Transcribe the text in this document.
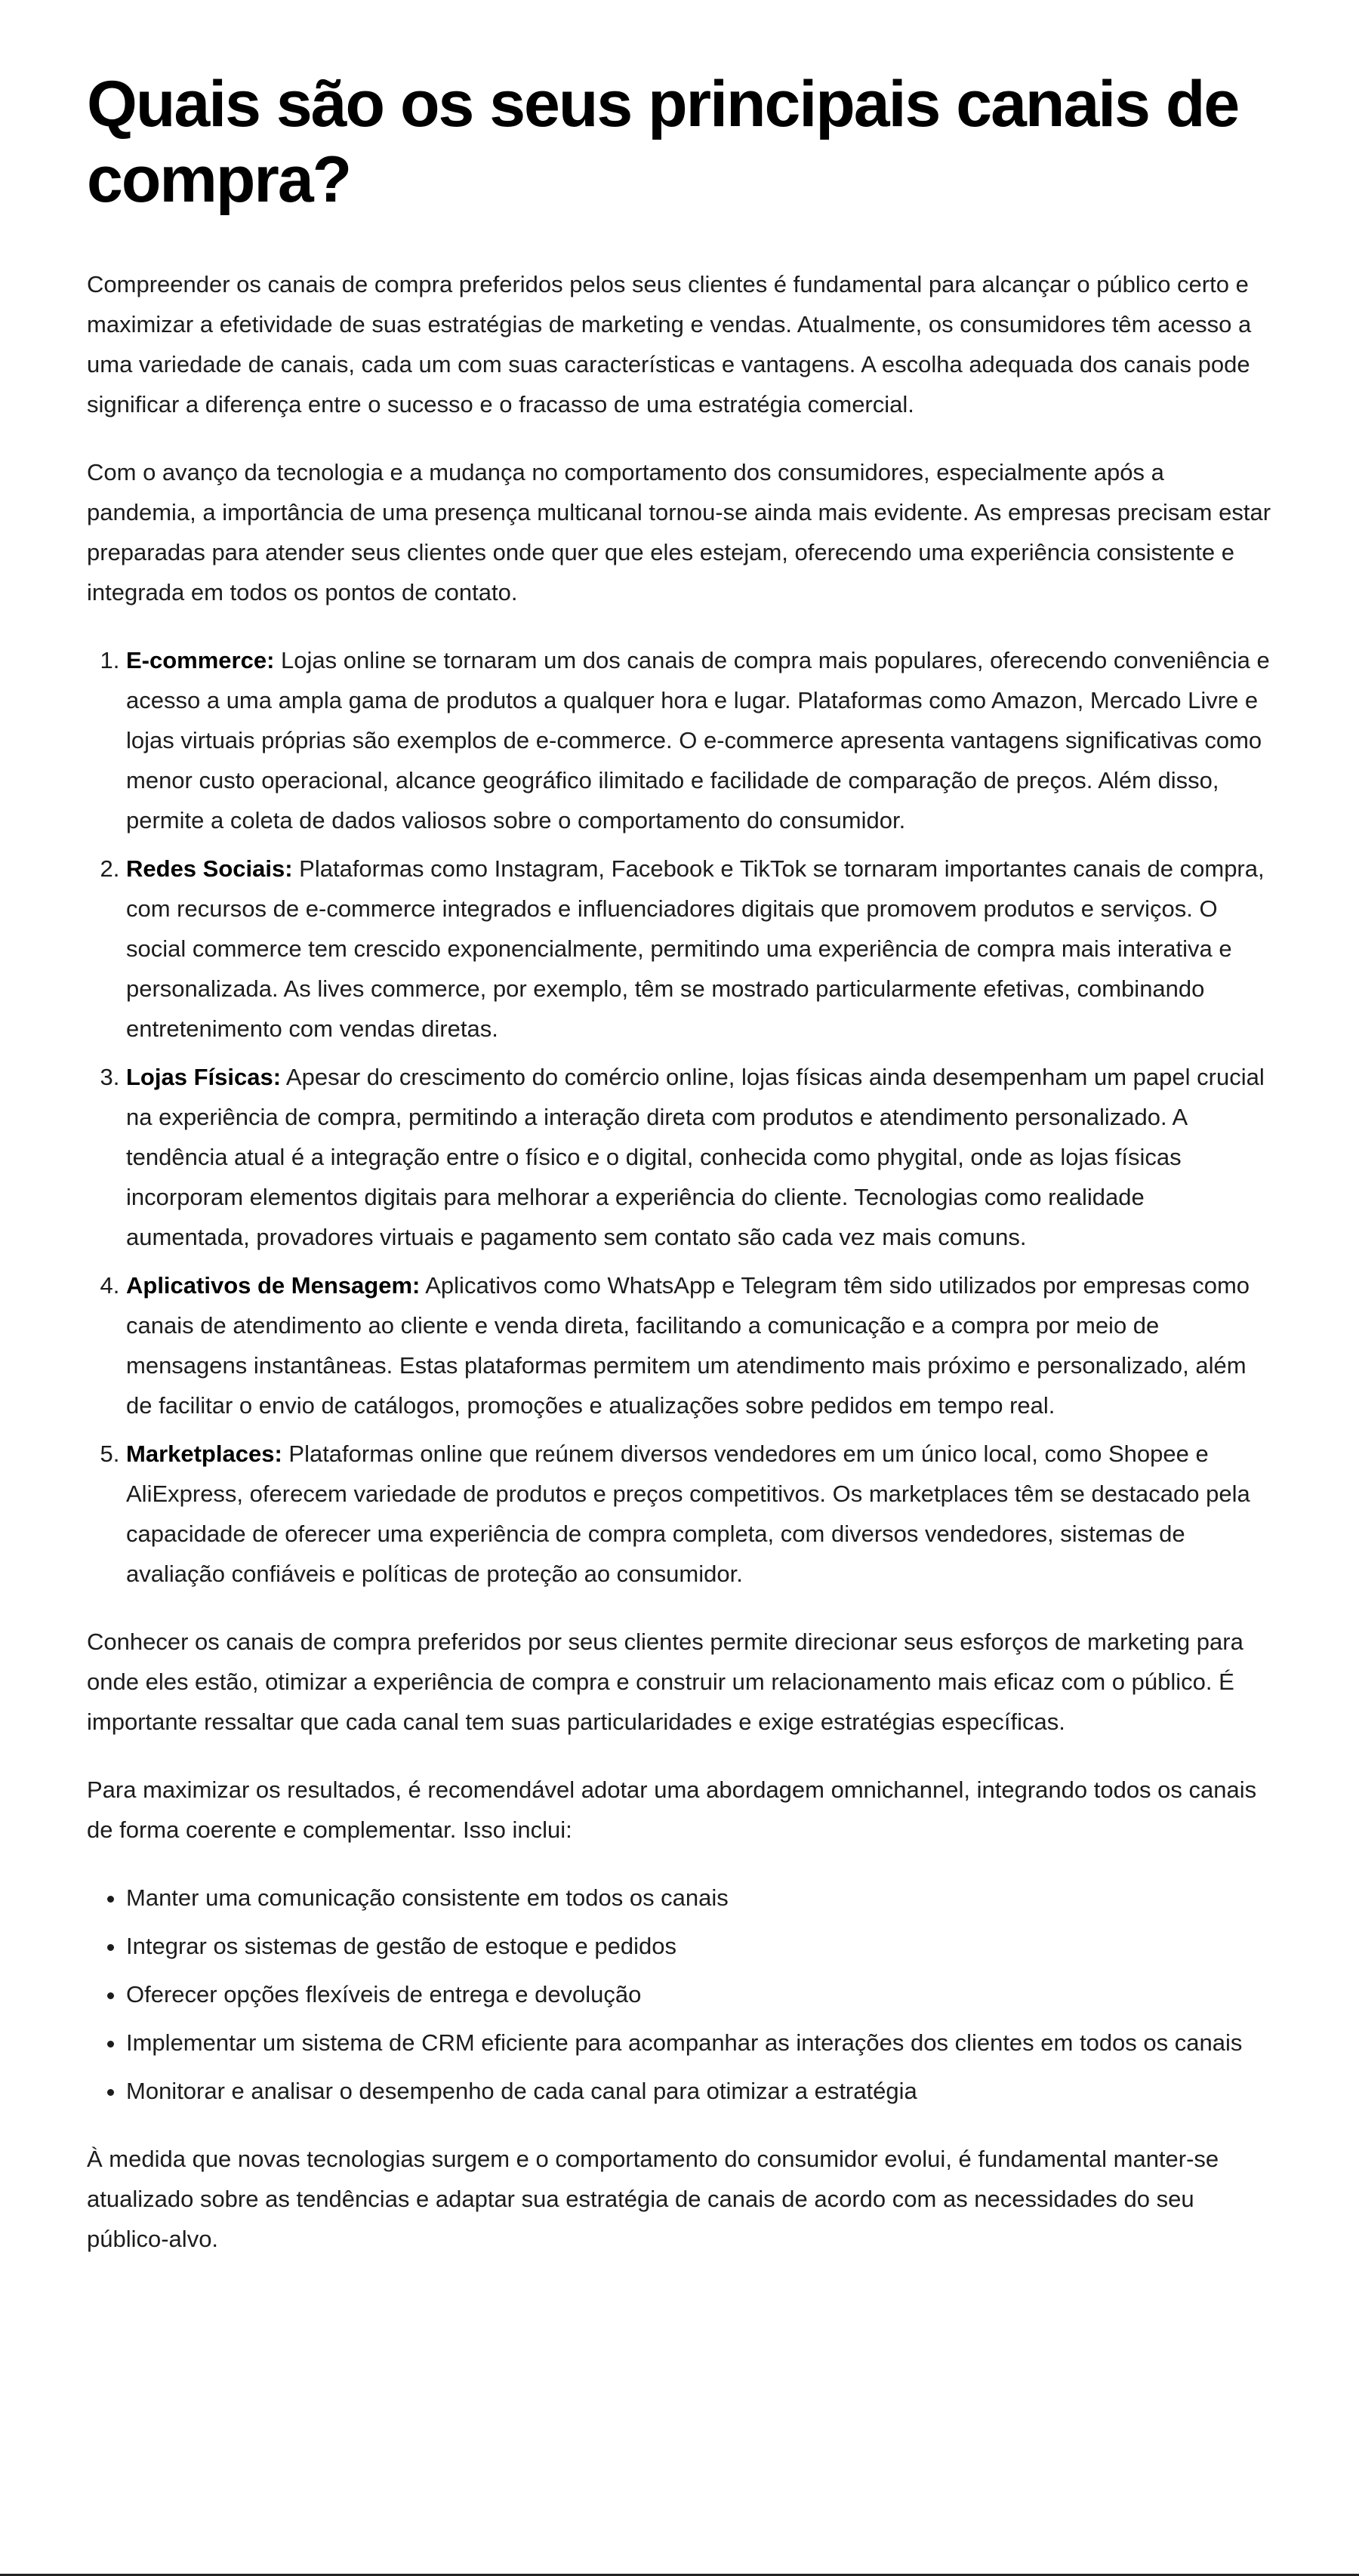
Quais são os seus principais canais de compra?

Compreender os canais de compra preferidos pelos seus clientes é fundamental para alcançar o público certo e maximizar a efetividade de suas estratégias de marketing e vendas. Atualmente, os consumidores têm acesso a uma variedade de canais, cada um com suas características e vantagens. A escolha adequada dos canais pode significar a diferença entre o sucesso e o fracasso de uma estratégia comercial.

Com o avanço da tecnologia e a mudança no comportamento dos consumidores, especialmente após a pandemia, a importância de uma presença multicanal tornou-se ainda mais evidente. As empresas precisam estar preparadas para atender seus clientes onde quer que eles estejam, oferecendo uma experiência consistente e integrada em todos os pontos de contato.

1. E-commerce: Lojas online se tornaram um dos canais de compra mais populares, oferecendo conveniência e acesso a uma ampla gama de produtos a qualquer hora e lugar. Plataformas como Amazon, Mercado Livre e lojas virtuais próprias são exemplos de e-commerce. O e-commerce apresenta vantagens significativas como menor custo operacional, alcance geográfico ilimitado e facilidade de comparação de preços. Além disso, permite a coleta de dados valiosos sobre o comportamento do consumidor.
2. Redes Sociais: Plataformas como Instagram, Facebook e TikTok se tornaram importantes canais de compra, com recursos de e-commerce integrados e influenciadores digitais que promovem produtos e serviços. O social commerce tem crescido exponencialmente, permitindo uma experiência de compra mais interativa e personalizada. As lives commerce, por exemplo, têm se mostrado particularmente efetivas, combinando entretenimento com vendas diretas.
3. Lojas Físicas: Apesar do crescimento do comércio online, lojas físicas ainda desempenham um papel crucial na experiência de compra, permitindo a interação direta com produtos e atendimento personalizado. A tendência atual é a integração entre o físico e o digital, conhecida como phygital, onde as lojas físicas incorporam elementos digitais para melhorar a experiência do cliente. Tecnologias como realidade aumentada, provadores virtuais e pagamento sem contato são cada vez mais comuns.
4. Aplicativos de Mensagem: Aplicativos como WhatsApp e Telegram têm sido utilizados por empresas como canais de atendimento ao cliente e venda direta, facilitando a comunicação e a compra por meio de mensagens instantâneas. Estas plataformas permitem um atendimento mais próximo e personalizado, além de facilitar o envio de catálogos, promoções e atualizações sobre pedidos em tempo real.
5. Marketplaces: Plataformas online que reúnem diversos vendedores em um único local, como Shopee e AliExpress, oferecem variedade de produtos e preços competitivos. Os marketplaces têm se destacado pela capacidade de oferecer uma experiência de compra completa, com diversos vendedores, sistemas de avaliação confiáveis e políticas de proteção ao consumidor.

Conhecer os canais de compra preferidos por seus clientes permite direcionar seus esforços de marketing para onde eles estão, otimizar a experiência de compra e construir um relacionamento mais eficaz com o público. É importante ressaltar que cada canal tem suas particularidades e exige estratégias específicas.

Para maximizar os resultados, é recomendável adotar uma abordagem omnichannel, integrando todos os canais de forma coerente e complementar. Isso inclui:

• Manter uma comunicação consistente em todos os canais
• Integrar os sistemas de gestão de estoque e pedidos
• Oferecer opções flexíveis de entrega e devolução
• Implementar um sistema de CRM eficiente para acompanhar as interações dos clientes em todos os canais
• Monitorar e analisar o desempenho de cada canal para otimizar a estratégia

À medida que novas tecnologias surgem e o comportamento do consumidor evolui, é fundamental manter-se atualizado sobre as tendências e adaptar sua estratégia de canais de acordo com as necessidades do seu público-alvo.
